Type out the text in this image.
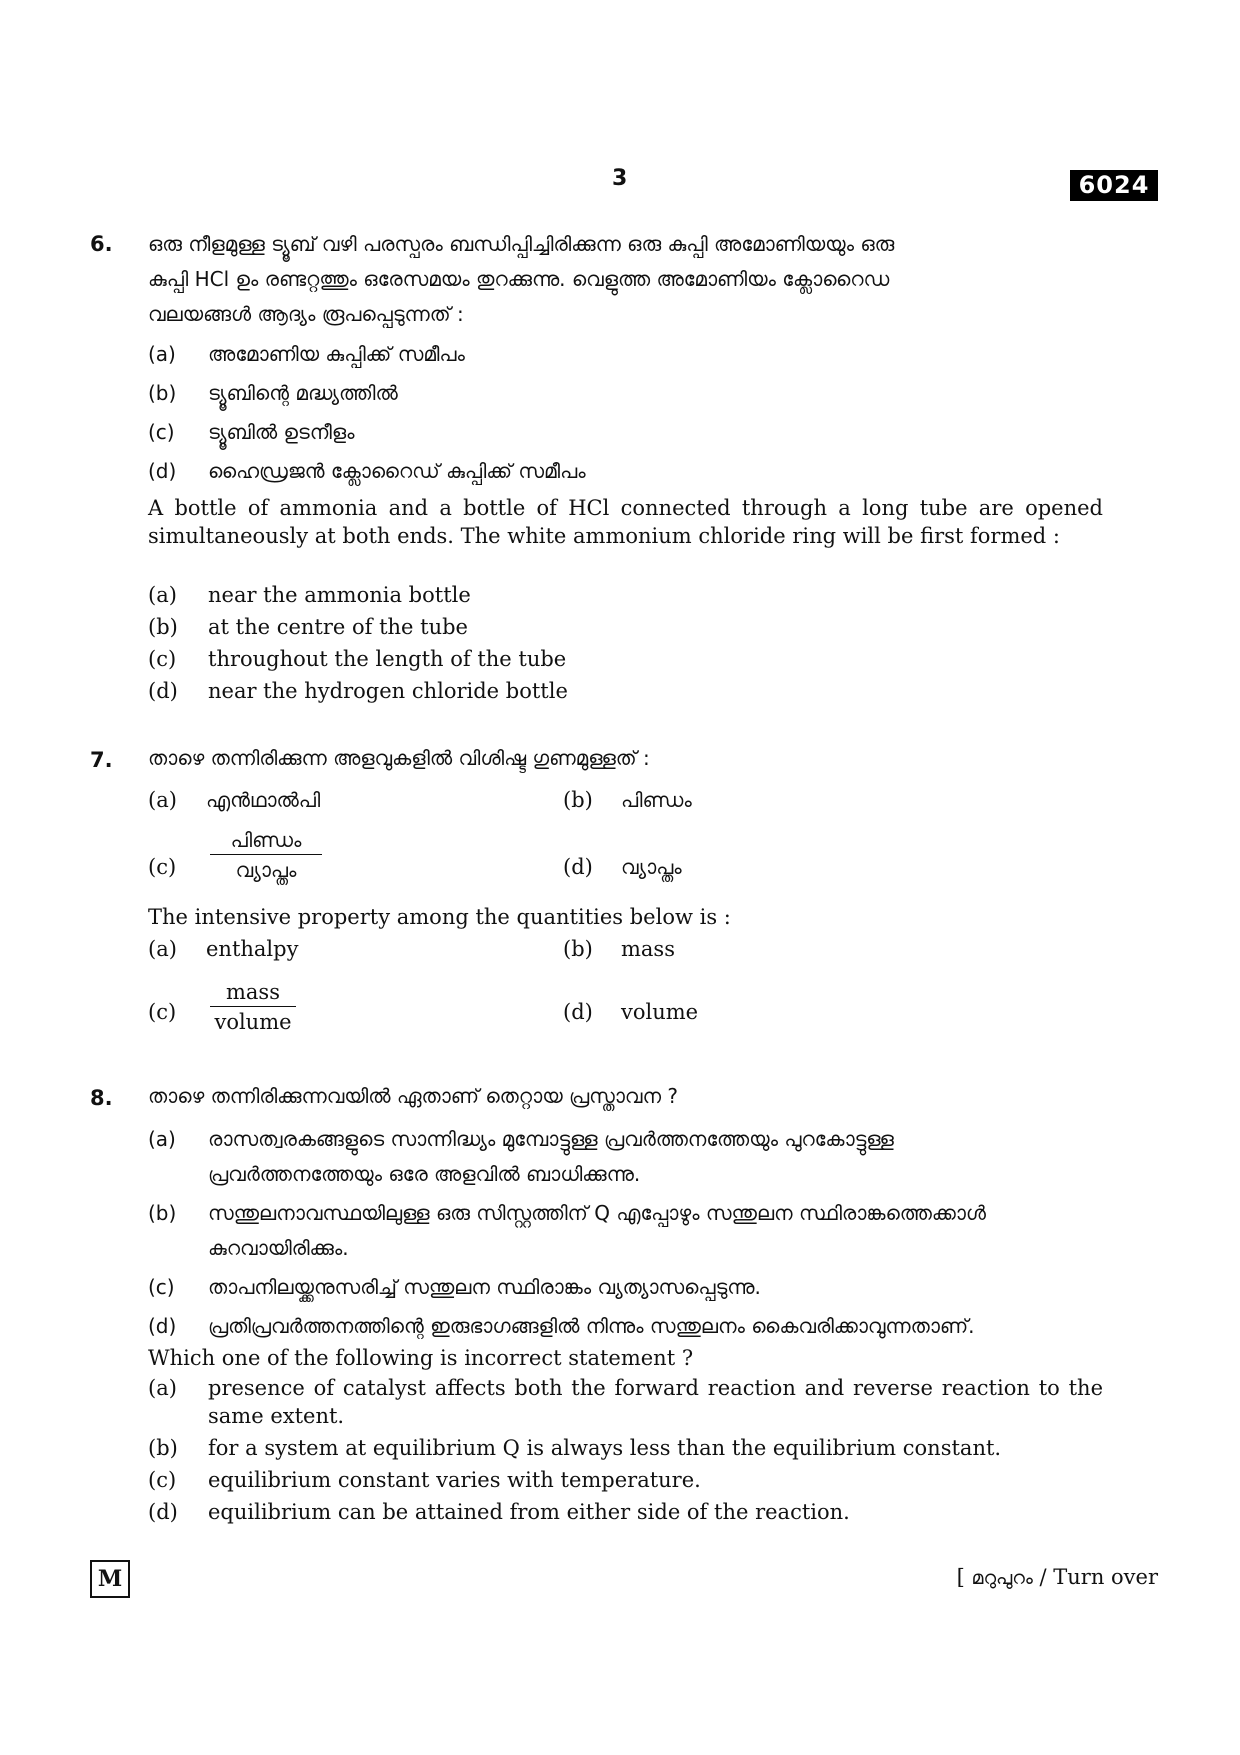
3	6024
6. ഒരു നീളമുള്ള ട്യൂബ് വഴി പരസ്പരം ബന്ധിപ്പിച്ചിരിക്കുന്ന ഒരു കുപ്പി അമോണിയയും ഒരു
കുപ്പി HCl ഉം രണ്ടറ്റത്തും ഒരേസമയം തുറക്കുന്നു. വെളുത്ത അമോണിയം ക്ലോറൈഡ
വലയങ്ങൾ ആദ്യം രൂപപ്പെടുന്നത് :
(a) അമോണിയ കുപ്പിക്ക് സമീപം
(b) ട്യൂബിന്റെ മദ്ധ്യത്തിൽ
(c) ട്യൂബിൽ ഉടനീളം
(d) ഹൈഡ്രജൻ ക്ലോറൈഡ് കുപ്പിക്ക് സമീപം
A bottle of ammonia and a bottle of HCl connected through a long tube are opened simultaneously at both ends. The white ammonium chloride ring will be first formed :
(a) near the ammonia bottle
(b) at the centre of the tube
(c) throughout the length of the tube
(d) near the hydrogen chloride bottle
7. താഴെ തന്നിരിക്കുന്ന അളവുകളിൽ വിശിഷ്ട ഗുണമുള്ളത് :
(a) എൻഥാൽപി	(b) പിണ്ഡം
(c)
പിണ്ഡം
വ്യാപ്തം	(d) വ്യാപ്തം
The intensive property among the quantities below is :
(a) enthalpy	(b) mass
(c)
mass
volume	(d) volume
8. താഴെ തന്നിരിക്കുന്നവയിൽ ഏതാണ് തെറ്റായ പ്രസ്താവന ?
(a) രാസത്വരകങ്ങളുടെ സാന്നിദ്ധ്യം മുമ്പോട്ടുള്ള പ്രവർത്തനത്തേയും പുറകോട്ടുള്ള
പ്രവർത്തനത്തേയും ഒരേ അളവിൽ ബാധിക്കുന്നു.
(b) സന്തുലനാവസ്ഥയിലുള്ള ഒരു സിസ്റ്റത്തിന് Q എപ്പോഴും സന്തുലന സ്ഥിരാങ്കത്തെക്കാൾ
കുറവായിരിക്കും.
(c) താപനിലയ്ക്കനുസരിച്ച് സന്തുലന സ്ഥിരാങ്കം വ്യത്യാസപ്പെടുന്നു.
(d) പ്രതിപ്രവർത്തനത്തിന്റെ ഇരുഭാഗങ്ങളിൽ നിന്നും സന്തുലനം കൈവരിക്കാവുന്നതാണ്.
Which one of the following is incorrect statement ?
(a) presence of catalyst affects both the forward reaction and reverse reaction to the same extent.
(b) for a system at equilibrium Q is always less than the equilibrium constant.
(c) equilibrium constant varies with temperature.
(d) equilibrium can be attained from either side of the reaction.
M	[ മറുപുറം / Turn over
